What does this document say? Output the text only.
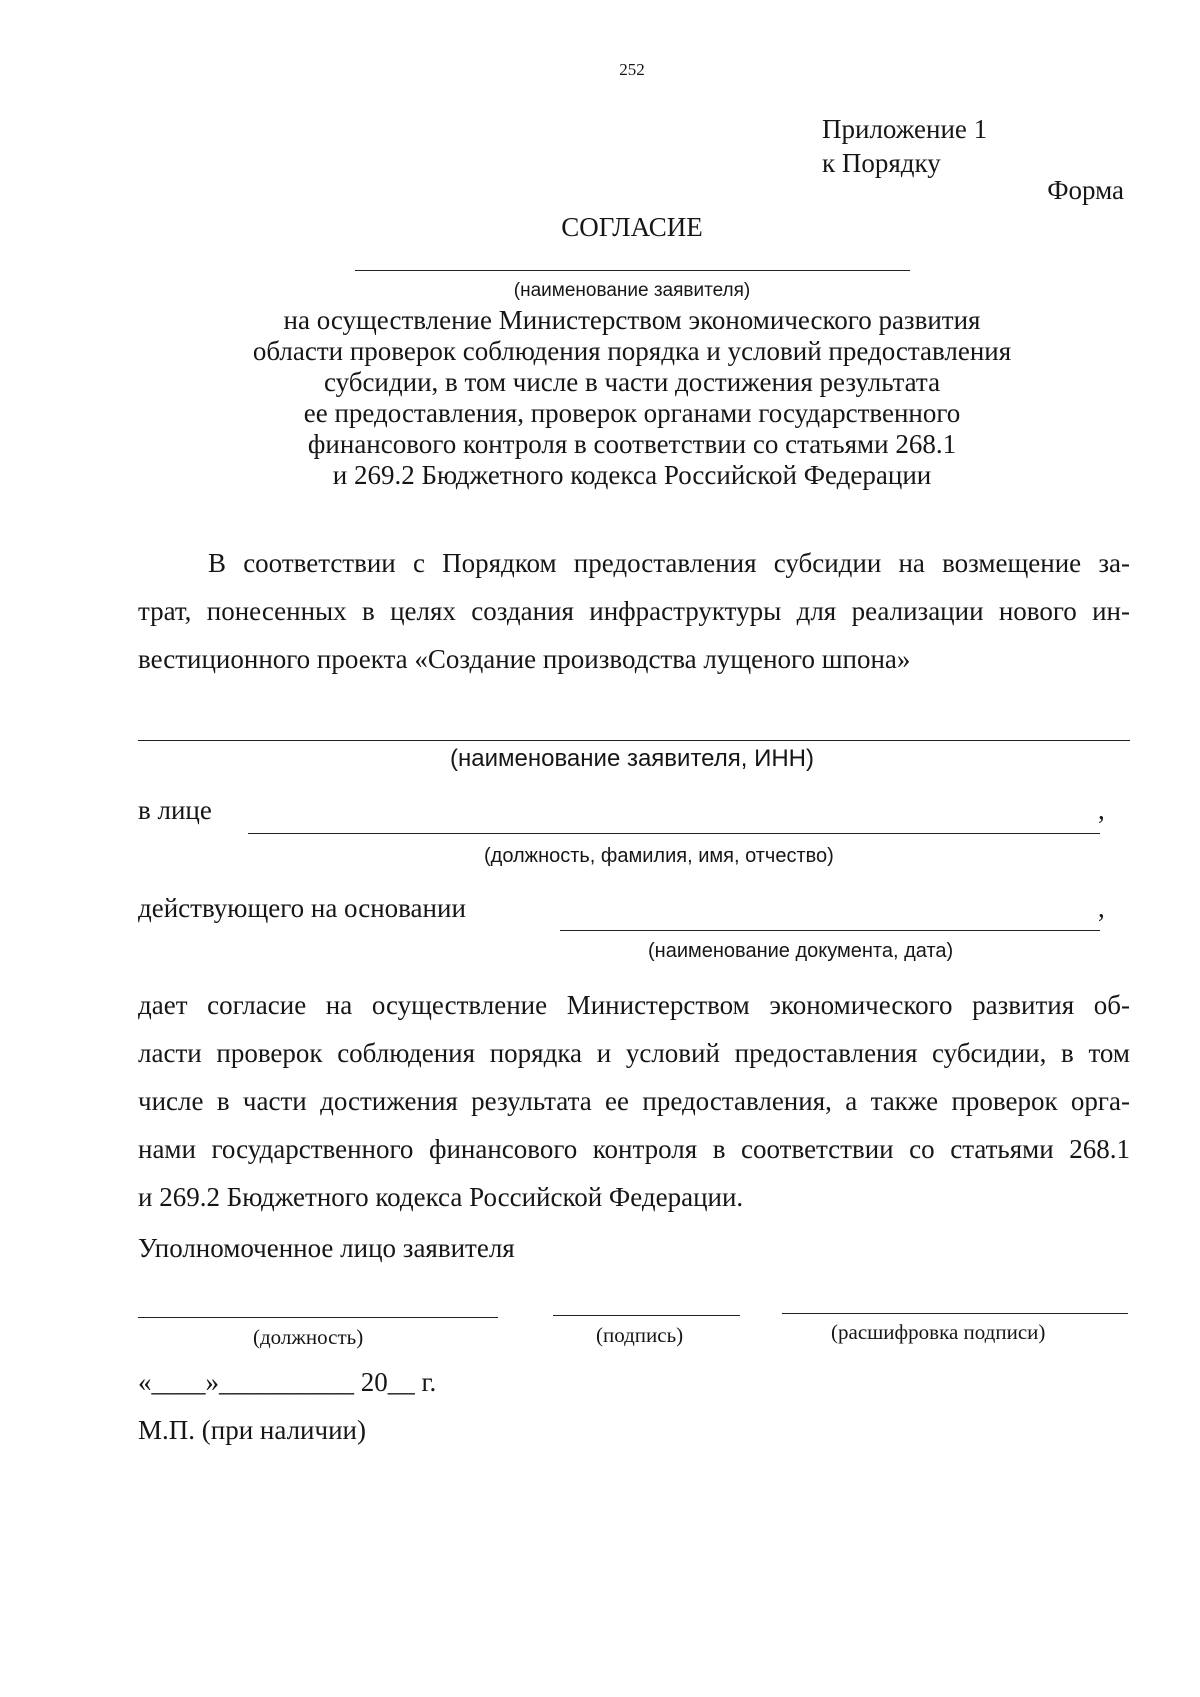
252
Приложение 1
к Порядку
Форма
СОГЛАСИЕ
(наименование заявителя)
на осуществление Министерством экономического развития
области проверок соблюдения порядка и условий предоставления
субсидии, в том числе в части достижения результата
ее предоставления, проверок органами государственного
финансового контроля в соответствии со статьями 268.1
и 269.2 Бюджетного кодекса Российской Федерации
В соответствии с Порядком предоставления субсидии на возмещение за-
трат, понесенных в целях создания инфраструктуры для реализации нового ин-
вестиционного проекта «Создание производства лущеного шпона»
(наименование заявителя, ИНН)
в лице	,
(должность, фамилия, имя, отчество)
действующего на основании	,
(наименование документа, дата)
дает согласие на осуществление Министерством экономического развития об-
ласти проверок соблюдения порядка и условий предоставления субсидии, в том
числе в части достижения результата ее предоставления, а также проверок орга-
нами государственного финансового контроля в соответствии со статьями 268.1
и 269.2 Бюджетного кодекса Российской Федерации.
Уполномоченное лицо заявителя
(должность)	(подпись)	(расшифровка подписи)
«____»__________ 20__ г.
М.П. (при наличии)
